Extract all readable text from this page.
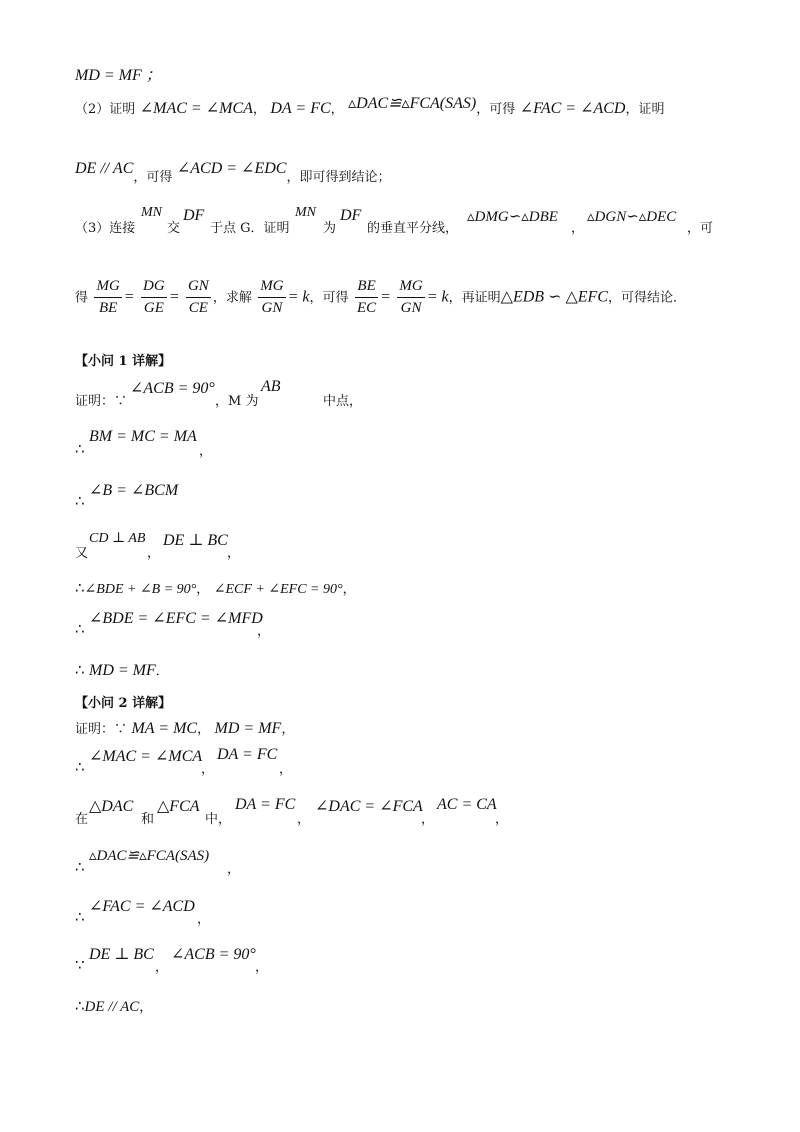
MD = MF ；
（2）证明 ∠MAC = ∠MCA， DA = FC， ▵DAC≌▵FCA(SAS)，可得 ∠FAC = ∠ACD，证明
DE // AC，可得 ∠ACD = ∠EDC，即可得到结论；
（3）连接
MN
交
DF
于点 G．证明
MN
为
DF
的垂直平分线，
▵DMG∽▵DBE
，
▵DGN∽▵DEC
，可
得 $\frac{MG}{BE} = \frac{DG}{GE} = \frac{GN}{CE}$ ，求解 $\frac{MG}{GN} = k$，可得 $\frac{BE}{EC} = \frac{MG}{GN} = k$，再证明△EDB ∽ △EFC，可得结论．
【小问 1 详解】
证明：∵
∠ACB = 90°
，M 为
AB
中点，
∴
BM = MC = MA
，
∴
∠B = ∠BCM
又
CD ⊥ AB
，
DE ⊥ BC
，
∴∠BDE + ∠B = 90°， ∠ECF + ∠EFC = 90°，
∴
∠BDE = ∠EFC = ∠MFD
，
∴ MD = MF．
【小问 2 详解】
证明：∵ MA = MC， MD = MF，
∴
∠MAC = ∠MCA
，
DA = FC
，
在
△DAC
和
△FCA
中，
DA = FC
，
∠DAC = ∠FCA
，
AC = CA
，
∴
▵DAC≌▵FCA(SAS)
，
∴
∠FAC = ∠ACD
，
∵
DE ⊥ BC
，
∠ACB = 90°
，
∴DE // AC，
